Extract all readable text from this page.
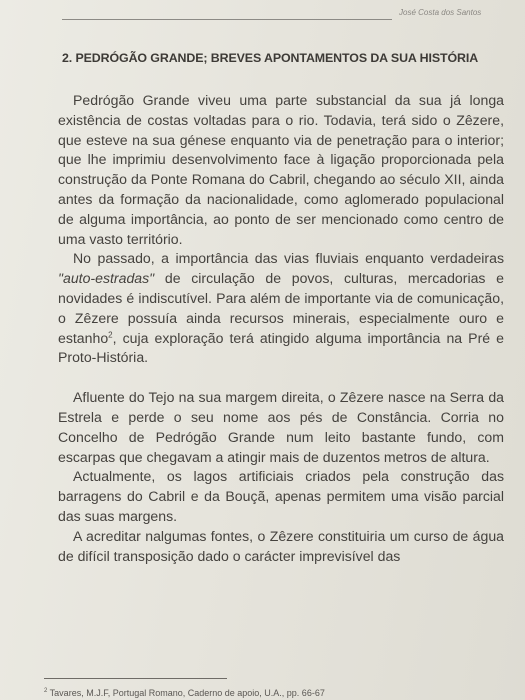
José Costa dos Santos
2. PEDRÓGÃO GRANDE; BREVES APONTAMENTOS DA SUA HISTÓRIA

Pedrógão Grande viveu uma parte substancial da sua já longa existência de costas voltadas para o rio. Todavia, terá sido o Zêzere, que esteve na sua génese enquanto via de penetração para o interior; que lhe imprimiu desenvolvimento face à ligação proporcionada pela construção da Ponte Romana do Cabril, chegando ao século XII, ainda antes da formação da nacionalidade, como aglomerado populacional de alguma importância, ao ponto de ser mencionado como centro de uma vasto território.

No passado, a importância das vias fluviais enquanto verdadeiras "auto-estradas" de circulação de povos, culturas, mercadorias e novidades é indiscutível. Para além de importante via de comunicação, o Zêzere possuía ainda recursos minerais, especialmente ouro e estanho$^2$, cuja exploração terá atingido alguma importância na Pré e Proto-História.

Afluente do Tejo na sua margem direita, o Zêzere nasce na Serra da Estrela e perde o seu nome aos pés de Constância. Corria no Concelho de Pedrógão Grande num leito bastante fundo, com escarpas que chegavam a atingir mais de duzentos metros de altura.

Actualmente, os lagos artificiais criados pela construção das barragens do Cabril e da Bouçã, apenas permitem uma visão parcial das suas margens.

A acreditar nalgumas fontes, o Zêzere constituiria um curso de água de difícil transposição dado o carácter imprevisível das

$^2$ Tavares, M.J.F, Portugal Romano, Caderno de apoio, U.A., pp. 66-67
